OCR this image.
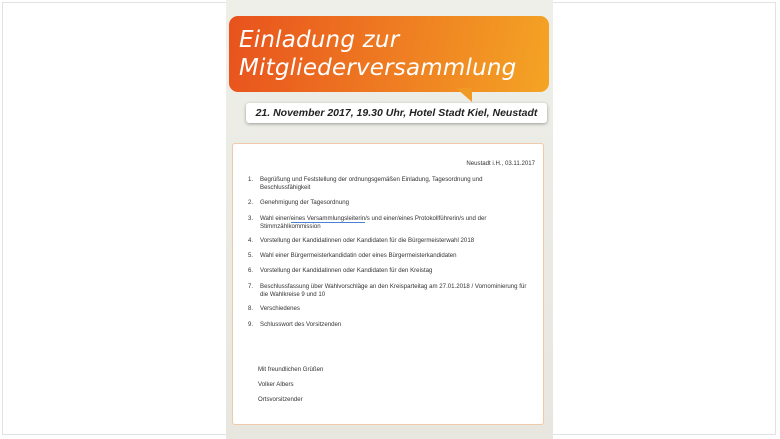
Einladung zur
Mitgliederversammlung
21. November 2017, 19.30 Uhr, Hotel Stadt Kiel, Neustadt
Neustadt i.H., 03.11.2017
1.	Begrüßung und Feststellung der ordnungsgemäßen Einladung, Tagesordnung und Beschlussfähigkeit
2.	Genehmigung der Tagesordnung
3.	Wahl einer/eines Versammlungsleiterin/s und einer/eines Protokollführerin/s und der Stimmzählkommission
4.	Vorstellung der Kandidatinnen oder Kandidaten für die Bürgermeisterwahl 2018
5.	Wahl einer Bürgermeisterkandidatin oder eines Bürgermeisterkandidaten
6.	Vorstellung der Kandidatinnen oder Kandidaten für den Kreistag
7.	Beschlussfassung über Wahlvorschläge an den Kreisparteitag am 27.01.2018 / Vornominierung für die Wahlkreise 9 und 10
8.	Verschiedenes
9.	Schlusswort des Vorsitzenden
Mit freundlichen Grüßen
Volker Albers
Ortsvorsitzender
